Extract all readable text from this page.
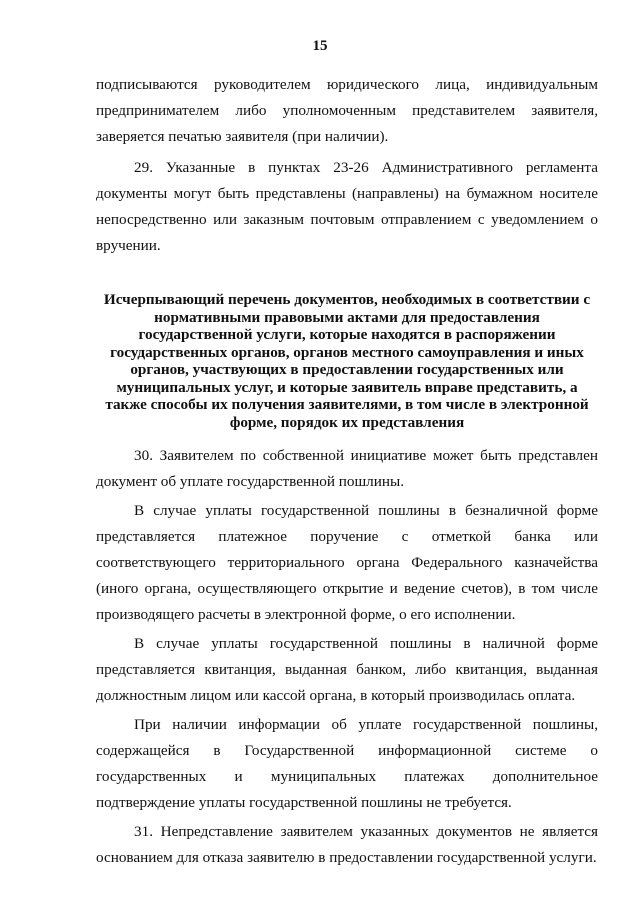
15

подписываются руководителем юридического лица, индивидуальным предпринимателем либо уполномоченным представителем заявителя, заверяется печатью заявителя (при наличии).

29. Указанные в пунктах 23-26 Административного регламента документы могут быть представлены (направлены) на бумажном носителе непосредственно или заказным почтовым отправлением с уведомлением о вручении.

Исчерпывающий перечень документов, необходимых в соответствии с нормативными правовыми актами для предоставления государственной услуги, которые находятся в распоряжении государственных органов, органов местного самоуправления и иных органов, участвующих в предоставлении государственных или муниципальных услуг, и которые заявитель вправе представить, а также способы их получения заявителями, в том числе в электронной форме, порядок их представления

30. Заявителем по собственной инициативе может быть представлен документ об уплате государственной пошлины.

В случае уплаты государственной пошлины в безналичной форме представляется платежное поручение с отметкой банка или соответствующего территориального органа Федерального казначейства (иного органа, осуществляющего открытие и ведение счетов), в том числе производящего расчеты в электронной форме, о его исполнении.

В случае уплаты государственной пошлины в наличной форме представляется квитанция, выданная банком, либо квитанция, выданная должностным лицом или кассой органа, в который производилась оплата.

При наличии информации об уплате государственной пошлины, содержащейся в Государственной информационной системе о государственных и муниципальных платежах дополнительное подтверждение уплаты государственной пошлины не требуется.

31. Непредставление заявителем указанных документов не является основанием для отказа заявителю в предоставлении государственной услуги.
